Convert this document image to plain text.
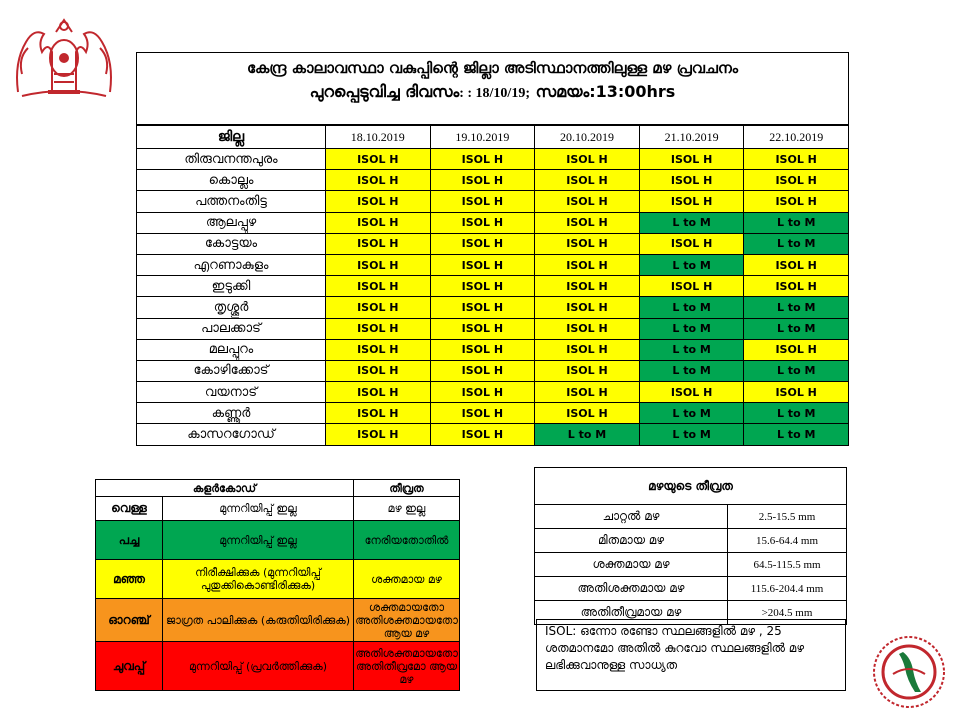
കേന്ദ്ര കാലാവസ്ഥാ വകുപ്പിന്റെ ജില്ലാ അടിസ്ഥാനത്തിലുള്ള മഴ പ്രവചനം
പുറപ്പെടുവിച്ച ദിവസം: : 18/10/19; സമയം:13:00hrs
ജില്ല	18.10.2019	19.10.2019	20.10.2019	21.10.2019	22.10.2019
തിരുവനന്തപുരം	ISOL H	ISOL H	ISOL H	ISOL H	ISOL H
കൊല്ലം	ISOL H	ISOL H	ISOL H	ISOL H	ISOL H
പത്തനംതിട്ട	ISOL H	ISOL H	ISOL H	ISOL H	ISOL H
ആലപ്പുഴ	ISOL H	ISOL H	ISOL H	L to M	L to M
കോട്ടയം	ISOL H	ISOL H	ISOL H	ISOL H	L to M
എറണാകുളം	ISOL H	ISOL H	ISOL H	L to M	ISOL H
ഇടുക്കി	ISOL H	ISOL H	ISOL H	ISOL H	ISOL H
തൃശ്ശൂർ	ISOL H	ISOL H	ISOL H	L to M	L to M
പാലക്കാട്	ISOL H	ISOL H	ISOL H	L to M	L to M
മലപ്പുറം	ISOL H	ISOL H	ISOL H	L to M	ISOL H
കോഴിക്കോട്	ISOL H	ISOL H	ISOL H	L to M	L to M
വയനാട്	ISOL H	ISOL H	ISOL H	ISOL H	ISOL H
കണ്ണൂർ	ISOL H	ISOL H	ISOL H	L to M	L to M
കാസറഗോഡ്	ISOL H	ISOL H	L to M	L to M	L to M
കളർകോഡ്		തീവ്രത
വെള്ള	മുന്നറിയിപ്പ് ഇല്ല	മഴ ഇല്ല
പച്ച	മുന്നറിയിപ്പ് ഇല്ല	നേരിയതോതിൽ
മഞ്ഞ	നിരീക്ഷിക്കുക (മുന്നറിയിപ്പ് പുതുക്കികൊണ്ടിരിക്കുക)	ശക്തമായ മഴ
ഓറഞ്ച്	ജാഗ്രത പാലിക്കുക (കരുതിയിരിക്കുക)	ശക്തമായതോ അതിശക്തമായതോ ആയ മഴ
ചുവപ്പ്	മുന്നറിയിപ്പ് (പ്രവർത്തിക്കുക)	അതിശക്തമായതോ അതിതീവ്രമോ ആയ മഴ
മഴയുടെ തീവ്രത	
ചാറ്റൽ മഴ	2.5-15.5 mm
മിതമായ മഴ	15.6-64.4 mm
ശക്തമായ മഴ	64.5-115.5 mm
അതിശക്തമായ മഴ	115.6-204.4 mm
അതിതീവ്രമായ മഴ	>204.5 mm
ISOL: ഒന്നോ രണ്ടോ സ്ഥലങ്ങളിൽ മഴ , 25 ശതമാനമോ അതിൽ കുറവോ സ്ഥലങ്ങളിൽ മഴ ലഭിക്കുവാനുള്ള സാധ്യത
